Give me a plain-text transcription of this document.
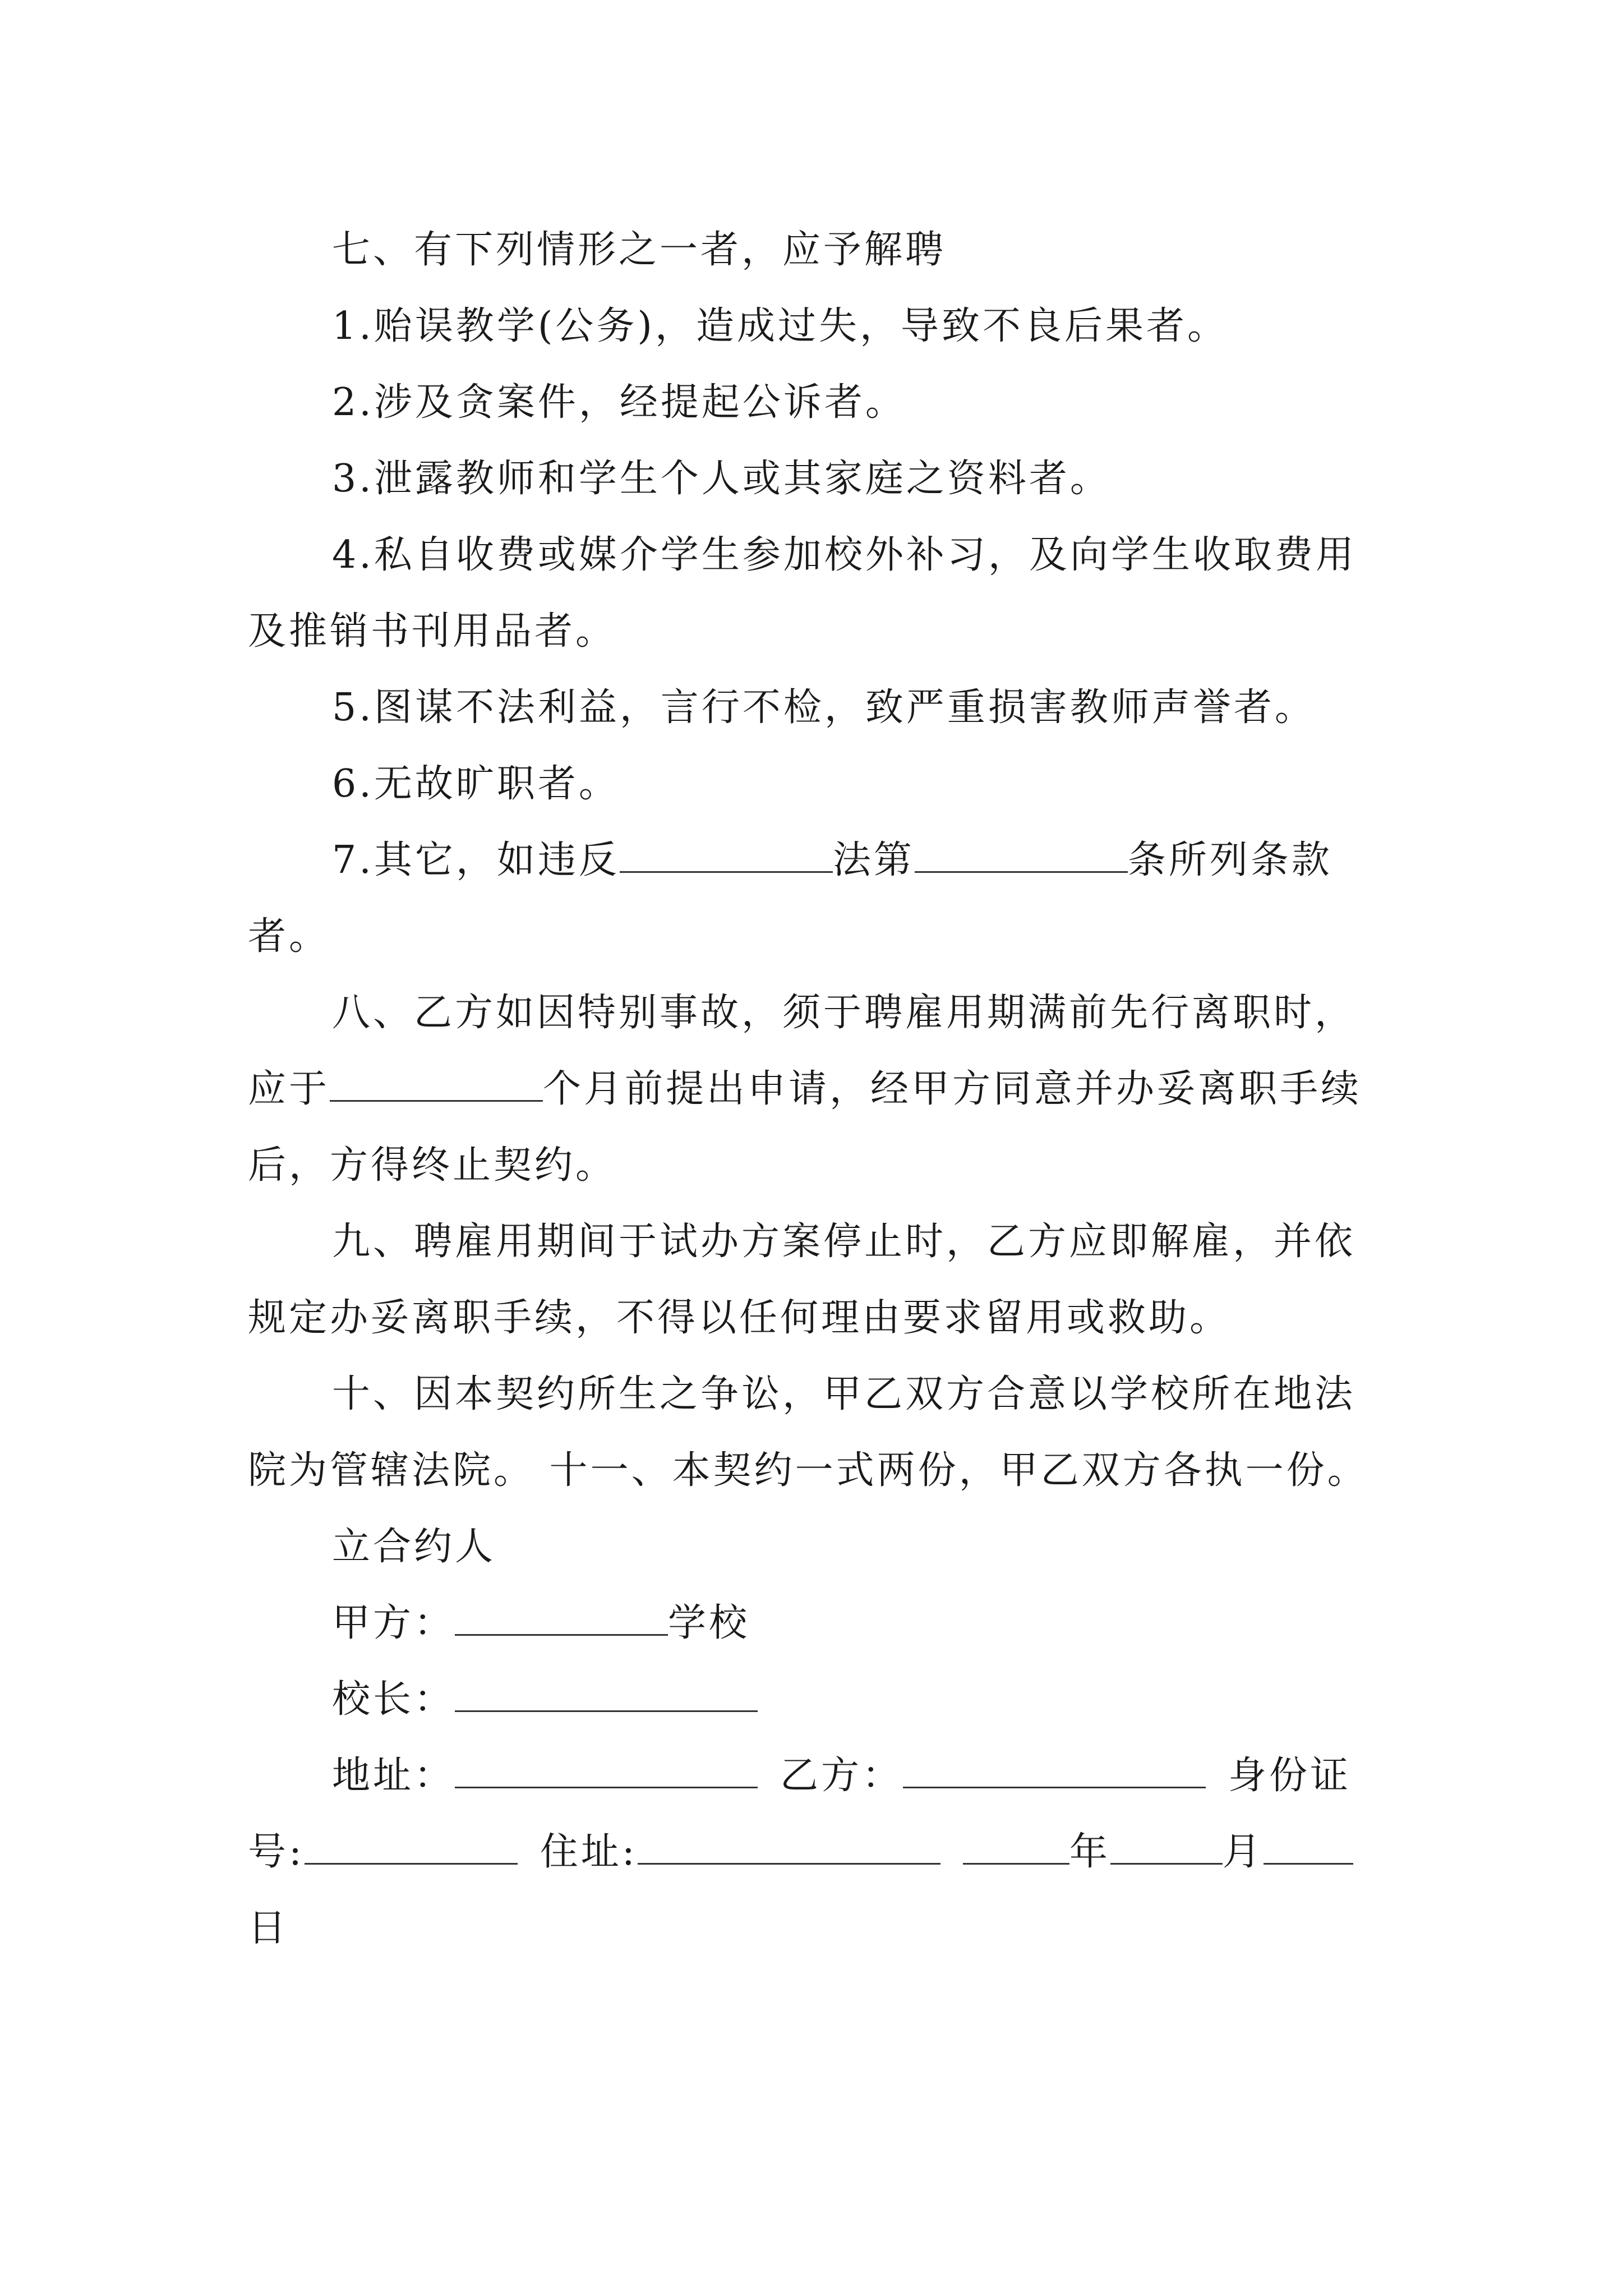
七、有下列情形之一者，应予解聘

1.贻误教学(公务)，造成过失，导致不良后果者。

2.涉及贪案件，经提起公诉者。

3.泄露教师和学生个人或其家庭之资料者。

4.私自收费或媒介学生参加校外补习，及向学生收取费用及推销书刊用品者。

5.图谋不法利益，言行不检，致严重损害教师声誉者。

6.无故旷职者。

7.其它，如违反	法第	条所列条款者。

八、乙方如因特别事故，须于聘雇用期满前先行离职时，应于	个月前提出申请，经甲方同意并办妥离职手续后，方得终止契约。

九、聘雇用期间于试办方案停止时，乙方应即解雇，并依规定办妥离职手续，不得以任何理由要求留用或救助。

十、因本契约所生之争讼，甲乙双方合意以学校所在地法院为管辖法院。 十一、本契约一式两份，甲乙双方各执一份。

立合约人

甲方：	学校

校长：

地址：	乙方：	身份证号:	住址:	年	月日
